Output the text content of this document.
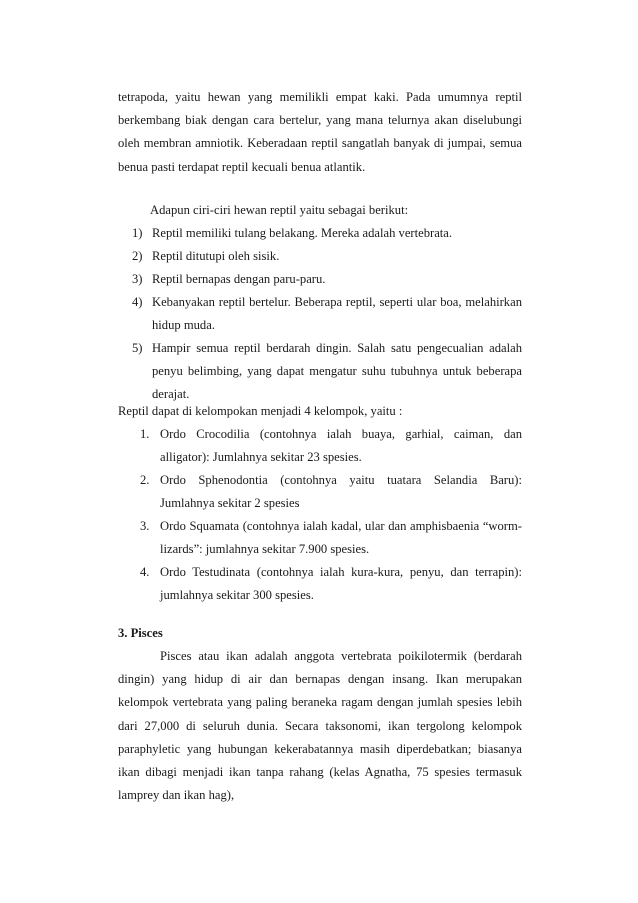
tetrapoda, yaitu hewan yang memilikli empat kaki. Pada umumnya reptil berkembang biak dengan cara bertelur, yang mana telurnya akan diselubungi oleh membran amniotik. Keberadaan reptil sangatlah banyak di jumpai, semua benua pasti terdapat reptil kecuali benua atlantik.
Adapun ciri-ciri hewan reptil yaitu sebagai berikut:
1) Reptil memiliki tulang belakang. Mereka adalah vertebrata.
2) Reptil ditutupi oleh sisik.
3) Reptil bernapas dengan paru-paru.
4) Kebanyakan reptil bertelur. Beberapa reptil, seperti ular boa, melahirkan hidup muda.
5) Hampir semua reptil berdarah dingin. Salah satu pengecualian adalah penyu belimbing, yang dapat mengatur suhu tubuhnya untuk beberapa derajat.
Reptil dapat di kelompokan menjadi 4 kelompok, yaitu :
1. Ordo Crocodilia (contohnya ialah buaya, garhial, caiman, dan alligator): Jumlahnya sekitar 23 spesies.
2. Ordo Sphenodontia (contohnya yaitu tuatara Selandia Baru): Jumlahnya sekitar 2 spesies
3. Ordo Squamata (contohnya ialah kadal, ular dan amphisbaenia “worm-lizards”: jumlahnya sekitar 7.900 spesies.
4. Ordo Testudinata (contohnya ialah kura-kura, penyu, dan terrapin): jumlahnya sekitar 300 spesies.
3. Pisces
Pisces atau ikan adalah anggota vertebrata poikilotermik (berdarah dingin) yang hidup di air dan bernapas dengan insang. Ikan merupakan kelompok vertebrata yang paling beraneka ragam dengan jumlah spesies lebih dari 27,000 di seluruh dunia. Secara taksonomi, ikan tergolong kelompok paraphyletic yang hubungan kekerabatannya masih diperdebatkan; biasanya ikan dibagi menjadi ikan tanpa rahang (kelas Agnatha, 75 spesies termasuk lamprey dan ikan hag),
